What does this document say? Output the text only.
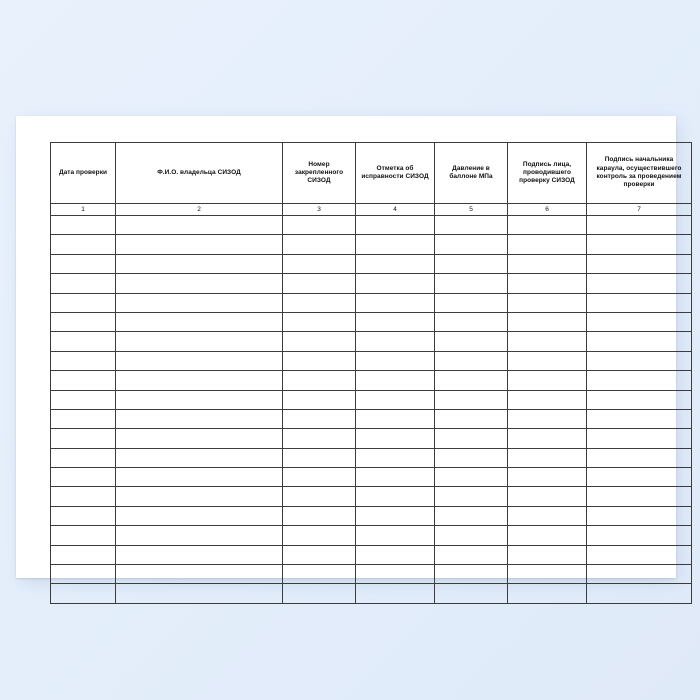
Дата проверки	Ф.И.О. владельца СИЗОД	Номер закрепленного СИЗОД	Отметка об исправности СИЗОД	Давление в баллоне МПа	Подпись лица, проводившего проверку СИЗОД	Подпись начальника караула, осуществившего контроль за проведением проверки
1	2	3	4	5	6	7
